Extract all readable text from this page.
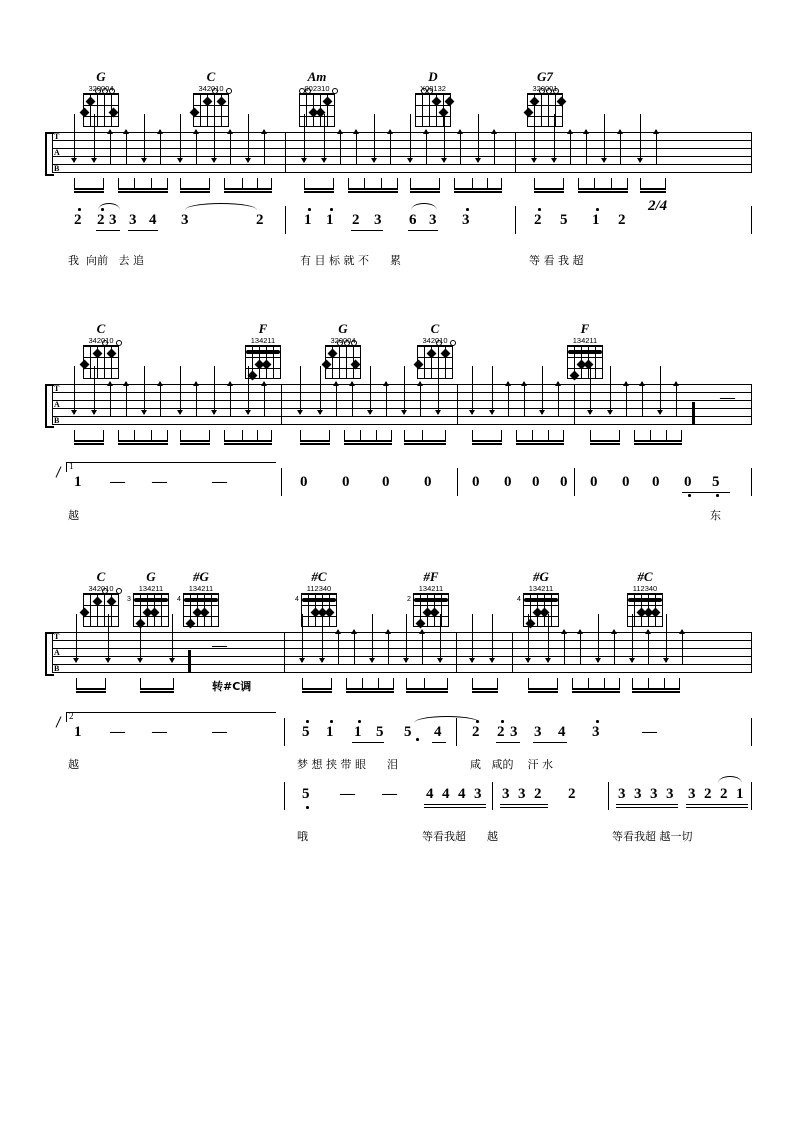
G
320004
C
342010
Am
002310
D
X00132
G7
320001
T
A
B
2 2 3 3 4 3	2	1 1 2 3 6 3 3	2 5 1 2
2/4
我  向前   去 追	有 目 标 就 不      累	等 看 我 超
C
342010
F
134211
G
320004
C
342010
F
134211
T
A
B
—
1
1 — —	—	0 0 0 0	0 0 0 0 0 0 0 0 5
越	东
C
342010
G
134211
3
#G
134211
4
#C
112340
4
#F
134211
2
#G
134211
4
#C
112340
T
A
B
—
转#C调
2
1 — —	—	5 1 1 5 5 4 2 2 3 3 4 3	—
越	梦 想 挟 带 眼      泪	咸   咸的    汗 水
5 — — 4 4 4 3 3 3 2 2	3 3 3 3 3 2 2 1
哦	等看我超      越	等看我超 越一切
